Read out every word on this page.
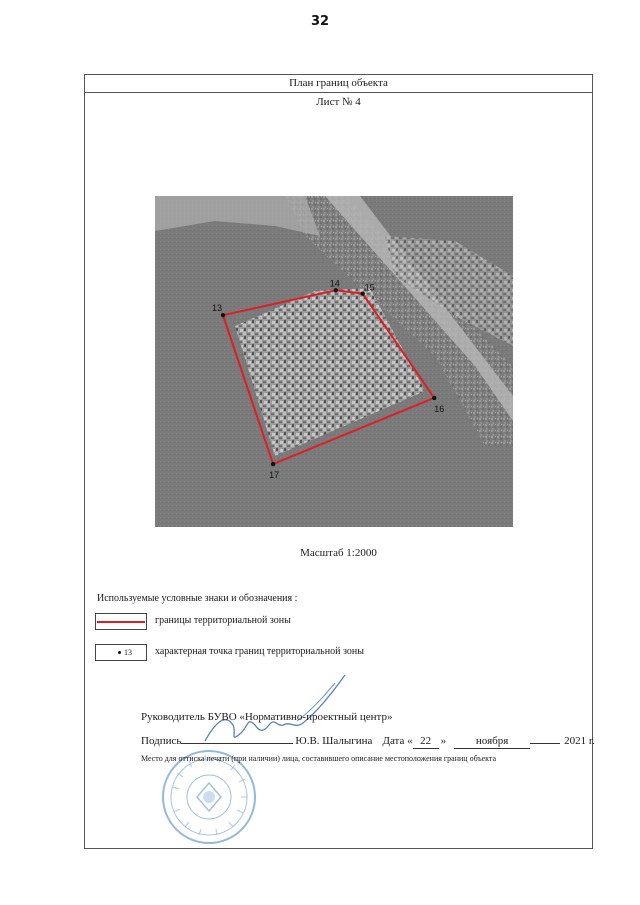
32
План границ объекта
Лист № 4
13
14	15
16
17
Масштаб 1:2000
Используемые условные знаки и обозначения :
границы территориальной зоны
13 характерная точка границ территориальной зоны
Руководитель БУВО «Нормативно-проектный центр»
Подпись	Ю.В. Шалыгина Дата « 22 »	ноября	2021 г.
Место для оттиска печати (при наличии) лица, составившего описание местоположения границ объекта
